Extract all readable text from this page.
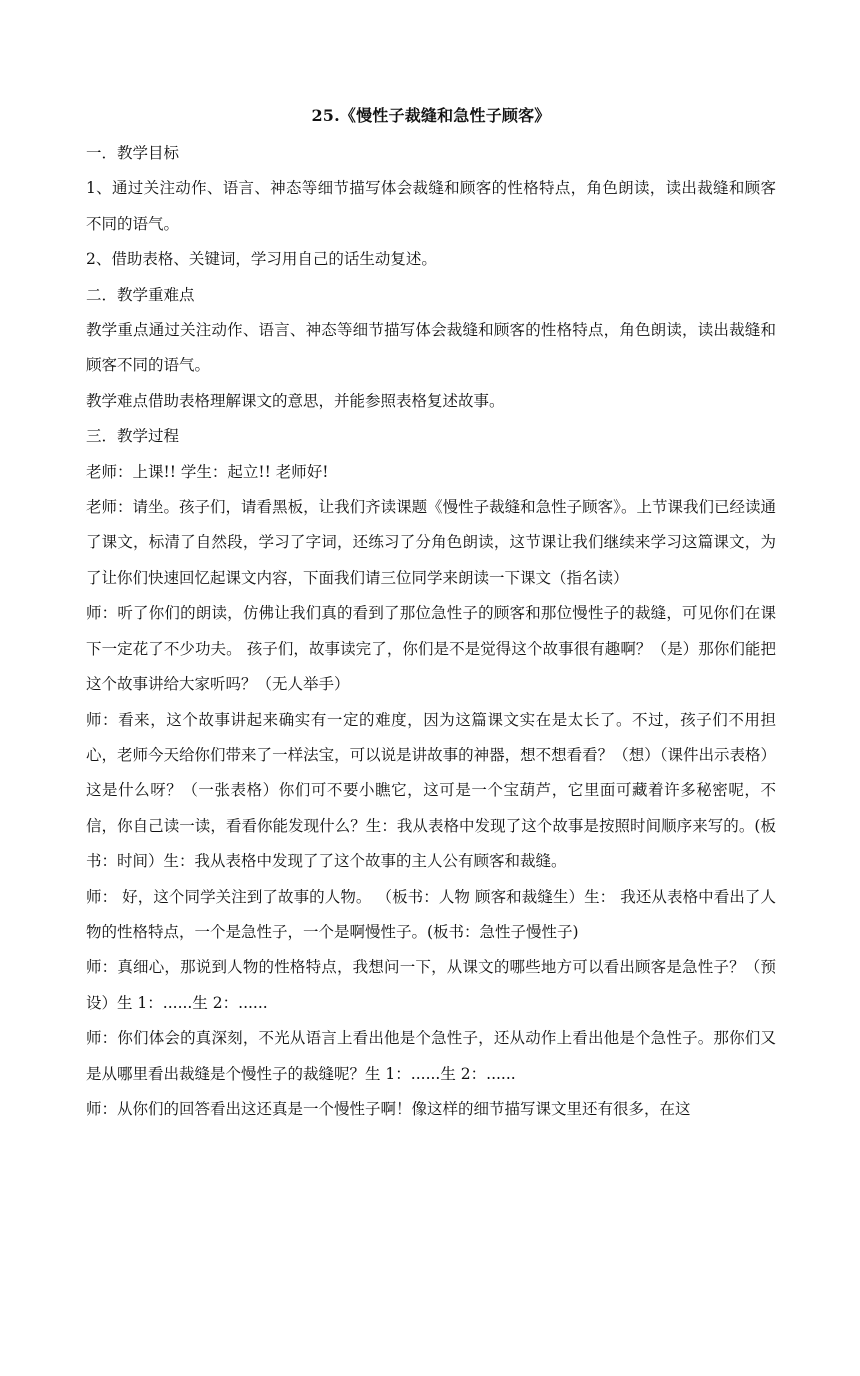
25.《慢性子裁缝和急性子顾客》
一．教学目标

1、通过关注动作、语言、神态等细节描写体会裁缝和顾客的性格特点，角色朗读，读出裁缝和顾客不同的语气。

2、借助表格、关键词，学习用自己的话生动复述。

二．教学重难点

教学重点通过关注动作、语言、神态等细节描写体会裁缝和顾客的性格特点，角色朗读，读出裁缝和顾客不同的语气。

教学难点借助表格理解课文的意思，并能参照表格复述故事。

三．教学过程

老师：上课!! 学生：起立!! 老师好!

老师：请坐。孩子们，请看黑板，让我们齐读课题《慢性子裁缝和急性子顾客》。上节课我们已经读通了课文，标清了自然段，学习了字词，还练习了分角色朗读，这节课让我们继续来学习这篇课文，为了让你们快速回忆起课文内容，下面我们请三位同学来朗读一下课文（指名读）

师：听了你们的朗读，仿佛让我们真的看到了那位急性子的顾客和那位慢性子的裁缝，可见你们在课下一定花了不少功夫。 孩子们，故事读完了，你们是不是觉得这个故事很有趣啊？（是）那你们能把这个故事讲给大家听吗？（无人举手）

师：看来，这个故事讲起来确实有一定的难度，因为这篇课文实在是太长了。不过，孩子们不用担心，老师今天给你们带来了一样法宝，可以说是讲故事的神器，想不想看看？（想）（课件出示表格）这是什么呀？（一张表格）你们可不要小瞧它，这可是一个宝葫芦，它里面可藏着许多秘密呢，不信，你自己读一读，看看你能发现什么？生：我从表格中发现了这个故事是按照时间顺序来写的。(板书：时间）生：我从表格中发现了了这个故事的主人公有顾客和裁缝。

师： 好，这个同学关注到了故事的人物。 （板书：人物 顾客和裁缝生）生： 我还从表格中看出了人物的性格特点，一个是急性子，一个是啊慢性子。(板书：急性子慢性子)

师：真细心，那说到人物的性格特点，我想问一下，从课文的哪些地方可以看出顾客是急性子？（预设）生 1：......生 2：......

师：你们体会的真深刻，不光从语言上看出他是个急性子，还从动作上看出他是个急性子。那你们又是从哪里看出裁缝是个慢性子的裁缝呢？生 1：......生 2：......

师：从你们的回答看出这还真是一个慢性子啊！像这样的细节描写课文里还有很多，在这
